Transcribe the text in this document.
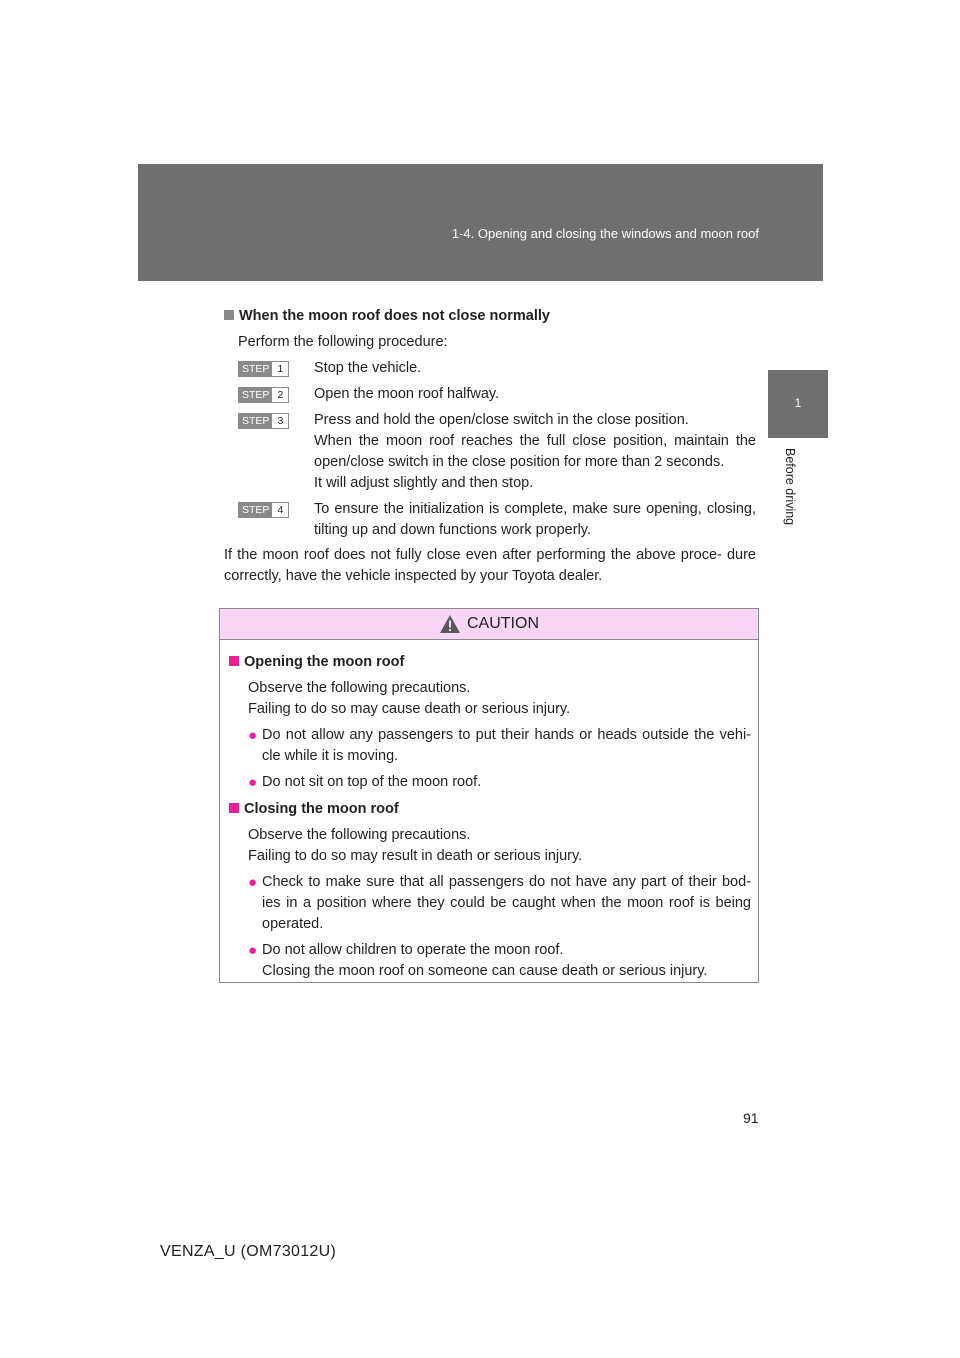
1-4. Opening and closing the windows and moon roof
1
Before driving

When the moon roof does not close normally

Perform the following procedure:
STEP 1	Stop the vehicle.
STEP 2	Open the moon roof halfway.
STEP 3	Press and hold the open/close switch in the close position.
When the moon roof reaches the full close position, maintain the open/close switch in the close position for more than 2 seconds.
It will adjust slightly and then stop.
STEP 4	To ensure the initialization is complete, make sure opening, closing, tilting up and down functions work properly.
If the moon roof does not fully close even after performing the above proce- dure correctly, have the vehicle inspected by your Toyota dealer.
CAUTION
Opening the moon roof
Observe the following precautions.
Failing to do so may cause death or serious injury.
● Do not allow any passengers to put their hands or heads outside the vehi- cle while it is moving.
● Do not sit on top of the moon roof.
Closing the moon roof
Observe the following precautions.
Failing to do so may result in death or serious injury.
● Check to make sure that all passengers do not have any part of their bod- ies in a position where they could be caught when the moon roof is being operated.
● Do not allow children to operate the moon roof.
Closing the moon roof on someone can cause death or serious injury.
91
VENZA_U (OM73012U)
